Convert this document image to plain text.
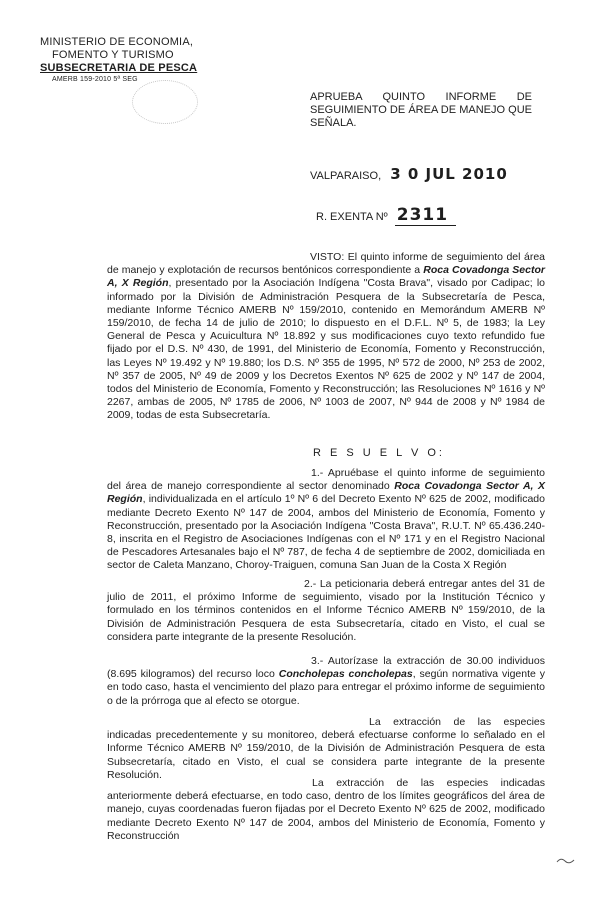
MINISTERIO DE ECONOMIA,
FOMENTO Y TURISMO
SUBSECRETARIA DE PESCA
AMERB 159-2010 5ª SEG
APRUEBA QUINTO INFORME DE SEGUIMIENTO DE ÁREA DE MANEJO QUE SEÑALA.
VALPARAISO, 3 0 JUL 2010
R. EXENTA Nº 2311
VISTO: El quinto informe de seguimiento del área de manejo y explotación de recursos bentónicos correspondiente a Roca Covadonga Sector A, X Región, presentado por la Asociación Indígena "Costa Brava", visado por Cadipac; lo informado por la División de Administración Pesquera de la Subsecretaría de Pesca, mediante Informe Técnico AMERB Nº 159/2010, contenido en Memorándum AMERB Nº 159/2010, de fecha 14 de julio de 2010; lo dispuesto en el D.F.L. Nº 5, de 1983; la Ley General de Pesca y Acuicultura Nº 18.892 y sus modificaciones cuyo texto refundido fue fijado por el D.S. Nº 430, de 1991, del Ministerio de Economía, Fomento y Reconstrucción, las Leyes Nº 19.492 y Nº 19.880; los D.S. Nº 355 de 1995, Nº 572 de 2000, Nº 253 de 2002, Nº 357 de 2005, Nº 49 de 2009 y los Decretos Exentos Nº 625 de 2002 y Nº 147 de 2004, todos del Ministerio de Economía, Fomento y Reconstrucción; las Resoluciones Nº 1616 y Nº 2267, ambas de 2005, Nº 1785 de 2006, Nº 1003 de 2007, Nº 944 de 2008 y Nº 1984 de 2009, todas de esta Subsecretaría.
R E S U E L V O:
1.- Apruébase el quinto informe de seguimiento del área de manejo correspondiente al sector denominado Roca Covadonga Sector A, X Región, individualizada en el artículo 1º Nº 6 del Decreto Exento Nº 625 de 2002, modificado mediante Decreto Exento Nº 147 de 2004, ambos del Ministerio de Economía, Fomento y Reconstrucción, presentado por la Asociación Indígena "Costa Brava", R.U.T. Nº 65.436.240-8, inscrita en el Registro de Asociaciones Indígenas con el Nº 171 y en el Registro Nacional de Pescadores Artesanales bajo el Nº 787, de fecha 4 de septiembre de 2002, domiciliada en sector de Caleta Manzano, Choroy-Traiguen, comuna San Juan de la Costa X Región
2.- La peticionaria deberá entregar antes del 31 de julio de 2011, el próximo Informe de seguimiento, visado por la Institución Técnico y formulado en los términos contenidos en el Informe Técnico AMERB Nº 159/2010, de la División de Administración Pesquera de esta Subsecretaría, citado en Visto, el cual se considera parte integrante de la presente Resolución.
3.- Autorízase la extracción de 30.00 individuos (8.695 kilogramos) del recurso loco Concholepas concholepas, según normativa vigente y en todo caso, hasta el vencimiento del plazo para entregar el próximo informe de seguimiento o de la prórroga que al efecto se otorgue.
La extracción de las especies indicadas precedentemente y su monitoreo, deberá efectuarse conforme lo señalado en el Informe Técnico AMERB Nº 159/2010, de la División de Administración Pesquera de esta Subsecretaría, citado en Visto, el cual se considera parte integrante de la presente Resolución.
La extracción de las especies indicadas anteriormente deberá efectuarse, en todo caso, dentro de los límites geográficos del área de manejo, cuyas coordenadas fueron fijadas por el Decreto Exento Nº 625 de 2002, modificado mediante Decreto Exento Nº 147 de 2004, ambos del Ministerio de Economía, Fomento y Reconstrucción
